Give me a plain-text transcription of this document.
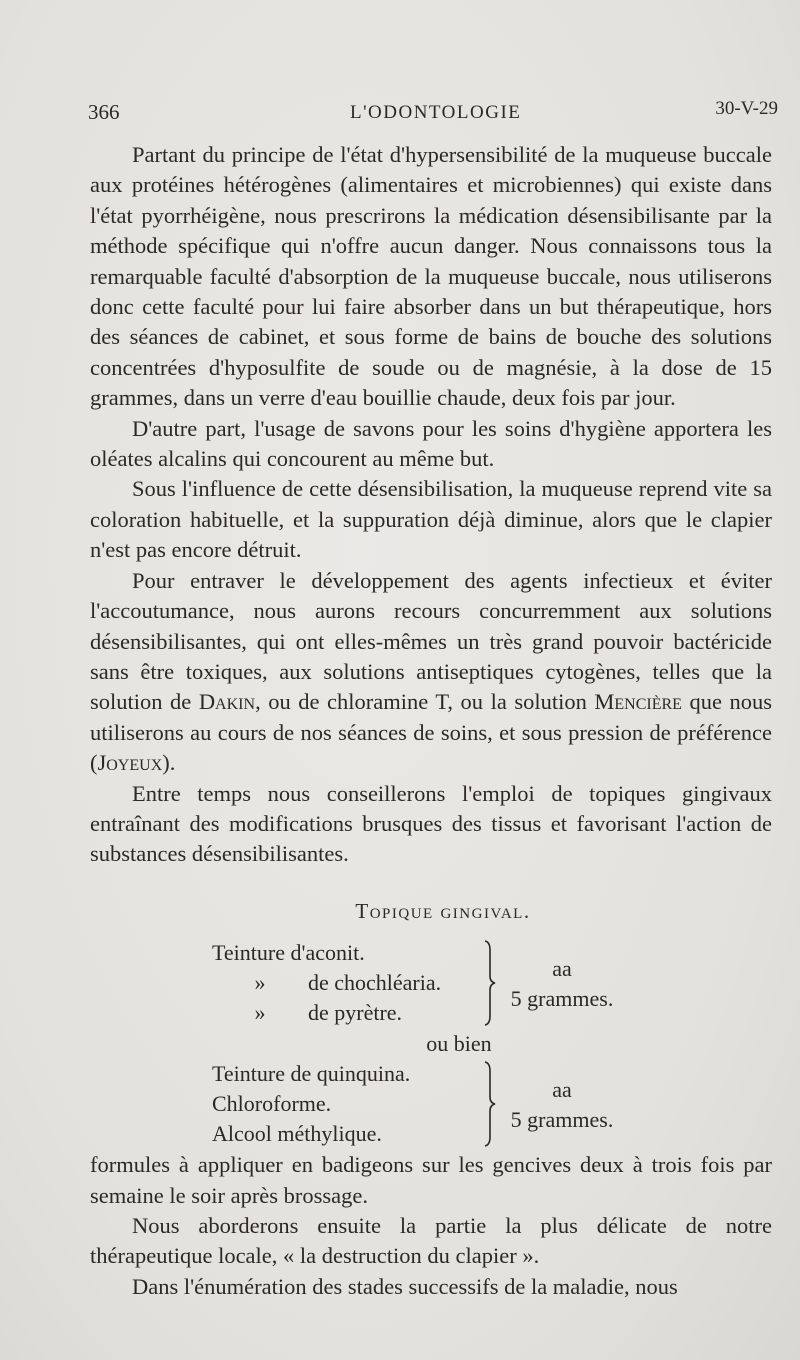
366	L'ODONTOLOGIE	30-V-29

Partant du principe de l'état d'hypersensibilité de la muqueuse buccale aux protéines hétérogènes (alimentaires et microbiennes) qui existe dans l'état pyorrhéigène, nous prescrirons la médication désensibilisante par la méthode spécifique qui n'offre aucun danger. Nous connaissons tous la remarquable faculté d'absorption de la muqueuse buccale, nous utiliserons donc cette faculté pour lui faire absorber dans un but thérapeutique, hors des séances de cabinet, et sous forme de bains de bouche des solutions concentrées d'hyposulfite de soude ou de magnésie, à la dose de 15 grammes, dans un verre d'eau bouillie chaude, deux fois par jour.

D'autre part, l'usage de savons pour les soins d'hygiène apportera les oléates alcalins qui concourent au même but.

Sous l'influence de cette désensibilisation, la muqueuse reprend vite sa coloration habituelle, et la suppuration déjà diminue, alors que le clapier n'est pas encore détruit.

Pour entraver le développement des agents infectieux et éviter l'accoutumance, nous aurons recours concurremment aux solutions désensibilisantes, qui ont elles-mêmes un très grand pouvoir bactéricide sans être toxiques, aux solutions antiseptiques cytogènes, telles que la solution de Dakin, ou de chloramine T, ou la solution Mencière que nous utiliserons au cours de nos séances de soins, et sous pression de préférence (Joyeux).

Entre temps nous conseillerons l'emploi de topiques gingivaux entraînant des modifications brusques des tissus et favorisant l'action de substances désensibilisantes.

Topique gingival.
Teinture d'aconit.
» de chochléaria.
» de pyrètre.
aa
5 grammes.
ou bien
Teinture de quinquina.
Chloroforme.
Alcool méthylique.
aa
5 grammes.

formules à appliquer en badigeons sur les gencives deux à trois fois par semaine le soir après brossage.

Nous aborderons ensuite la partie la plus délicate de notre thérapeutique locale, « la destruction du clapier ».

Dans l'énumération des stades successifs de la maladie, nous
